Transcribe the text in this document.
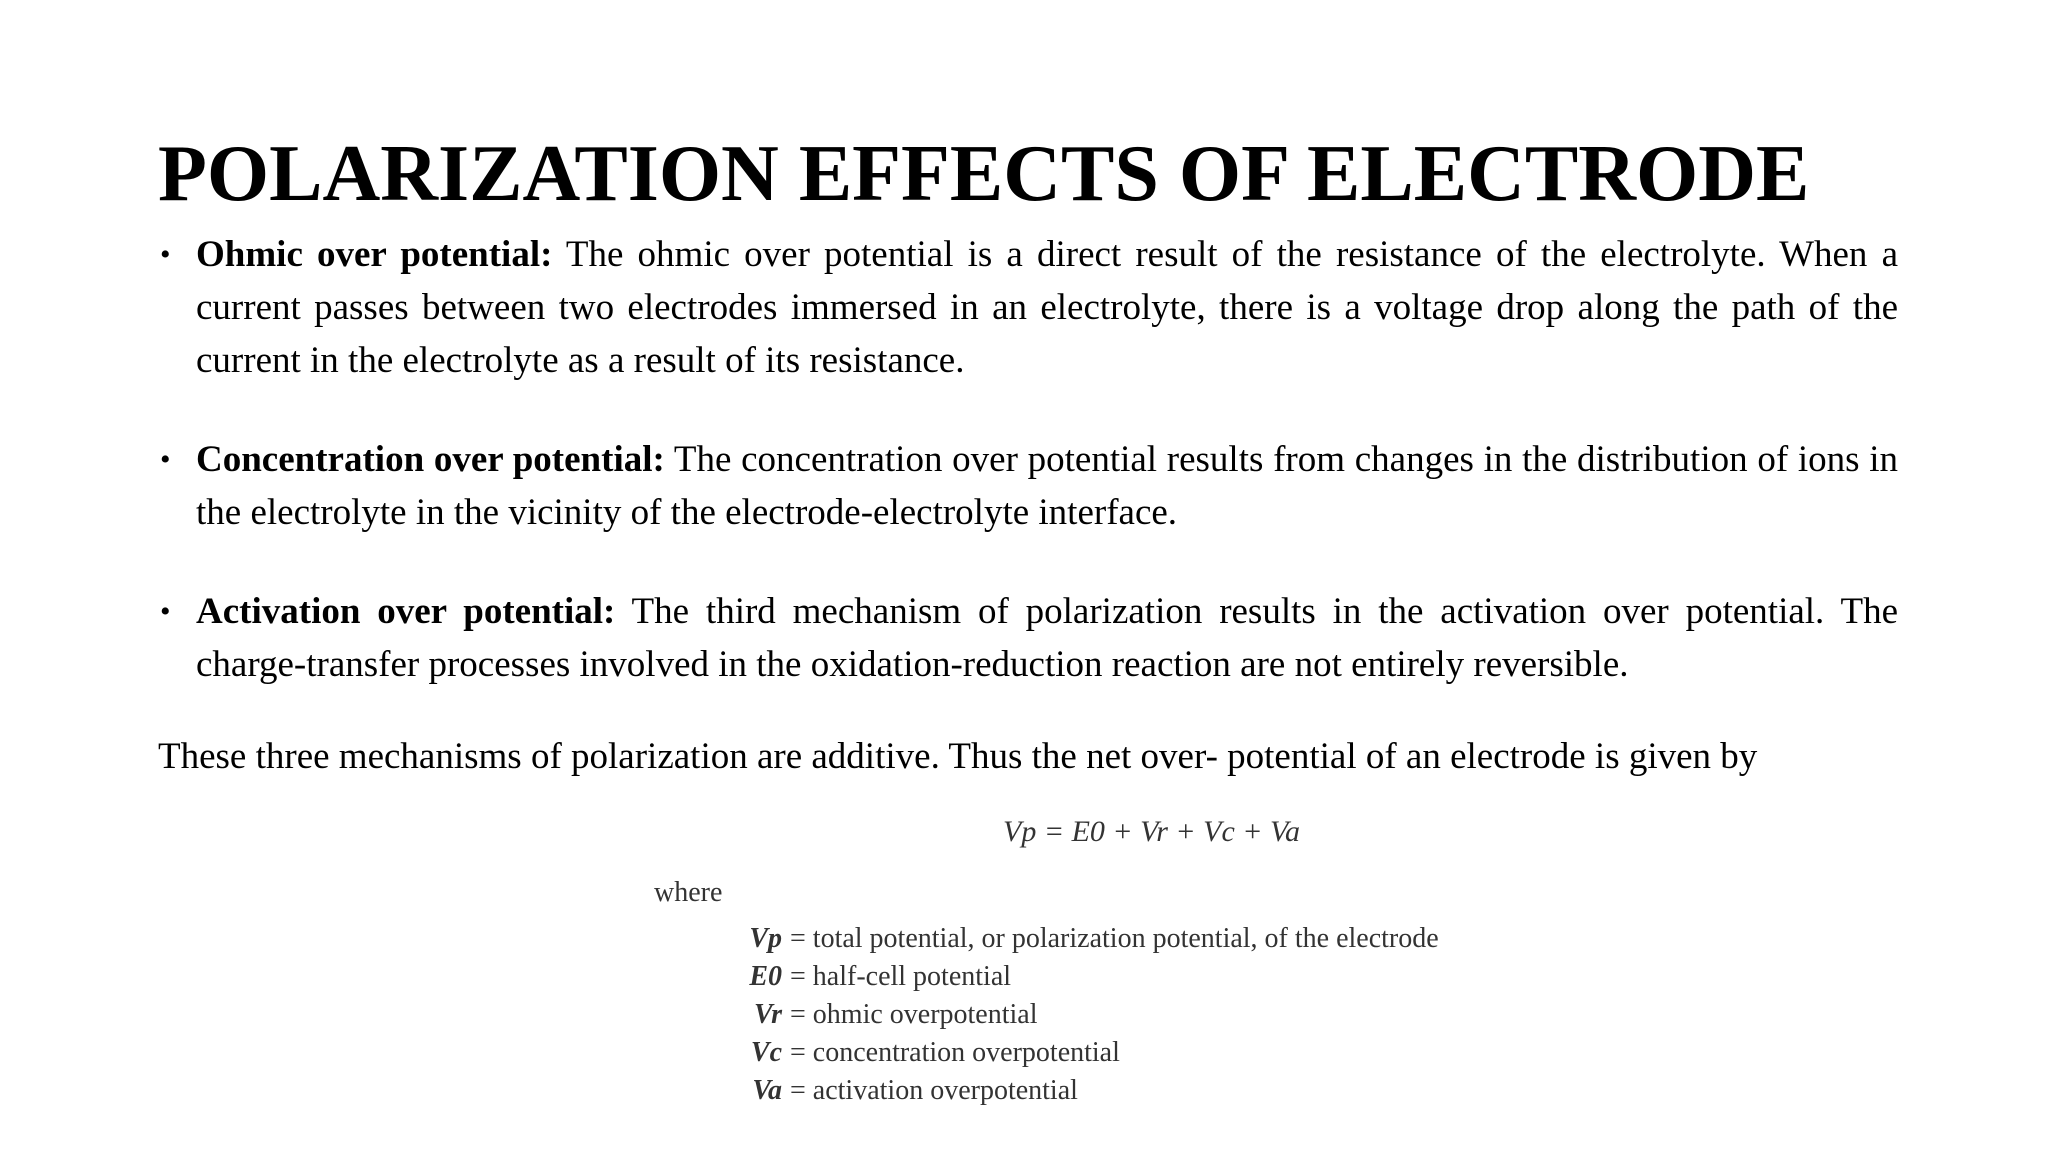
POLARIZATION EFFECTS OF ELECTRODE
• Ohmic over potential: The ohmic over potential is a direct result of the resistance of the electrolyte. When a current passes between two electrodes immersed in an electrolyte, there is a voltage drop along the path of the current in the electrolyte as a result of its resistance.
• Concentration over potential: The concentration over potential results from changes in the distribution of ions in the electrolyte in the vicinity of the electrode-electrolyte interface.
• Activation over potential: The third mechanism of polarization results in the activation over potential. The charge-transfer processes involved in the oxidation-reduction reaction are not entirely reversible.

These three mechanisms of polarization are additive. Thus the net over- potential of an electrode is given by

Vp = E0 + Vr + Vc + Va
where
Vp = total potential, or polarization potential, of the electrode
E0 = half-cell potential
Vr = ohmic overpotential
Vc = concentration overpotential
Va = activation overpotential
